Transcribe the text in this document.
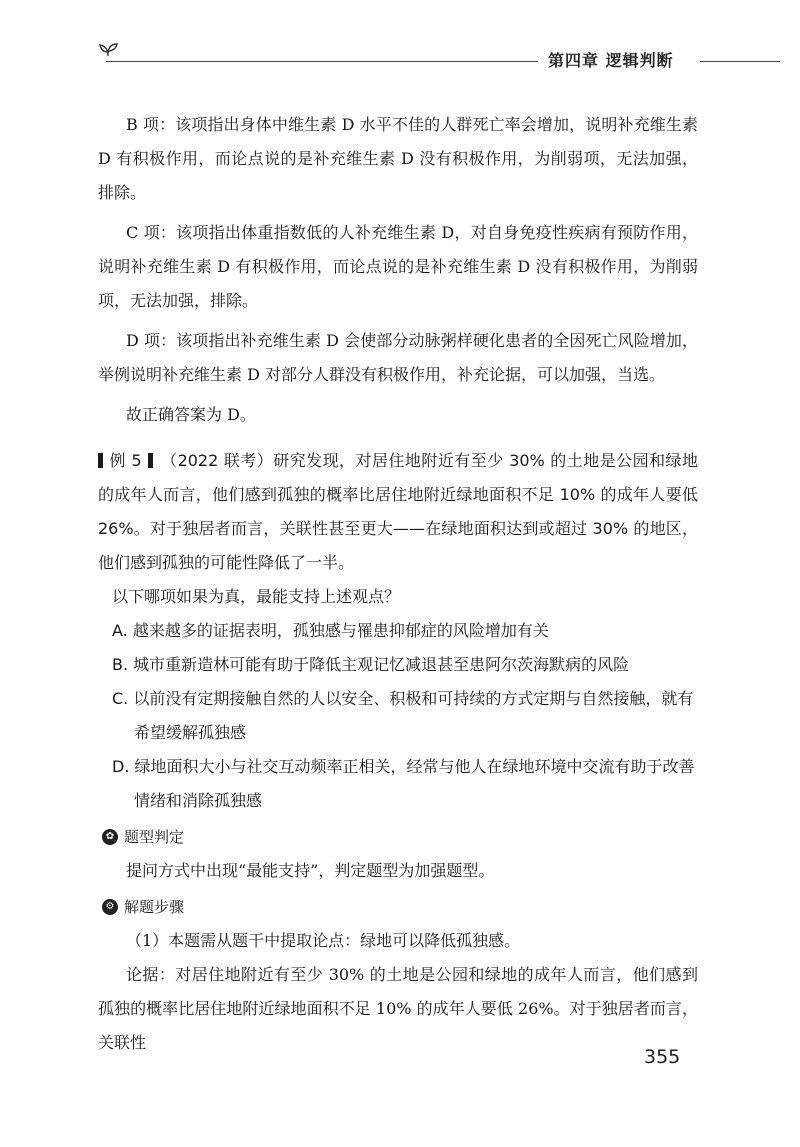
第四章 逻辑判断

B 项：该项指出身体中维生素 D 水平不佳的人群死亡率会增加，说明补充维生素 D 有积极作用，而论点说的是补充维生素 D 没有积极作用，为削弱项，无法加强，排除。

C 项：该项指出体重指数低的人补充维生素 D，对自身免疫性疾病有预防作用，说明补充维生素 D 有积极作用，而论点说的是补充维生素 D 没有积极作用，为削弱项，无法加强，排除。

D 项：该项指出补充维生素 D 会使部分动脉粥样硬化患者的全因死亡风险增加，举例说明补充维生素 D 对部分人群没有积极作用，补充论据，可以加强，当选。

故正确答案为 D。

例 5 （2022 联考）研究发现，对居住地附近有至少 30% 的土地是公园和绿地的成年人而言，他们感到孤独的概率比居住地附近绿地面积不足 10% 的成年人要低 26%。对于独居者而言，关联性甚至更大——在绿地面积达到或超过 30% 的地区，他们感到孤独的可能性降低了一半。

以下哪项如果为真，最能支持上述观点？

A. 越来越多的证据表明，孤独感与罹患抑郁症的风险增加有关

B. 城市重新造林可能有助于降低主观记忆减退甚至患阿尔茨海默病的风险

C. 以前没有定期接触自然的人以安全、积极和可持续的方式定期与自然接触，就有希望缓解孤独感

D. 绿地面积大小与社交互动频率正相关，经常与他人在绿地环境中交流有助于改善情绪和消除孤独感

✿ 题型判定

提问方式中出现“最能支持”，判定题型为加强题型。

⚙ 解题步骤

（1）本题需从题干中提取论点：绿地可以降低孤独感。

论据：对居住地附近有至少 30% 的土地是公园和绿地的成年人而言，他们感到孤独的概率比居住地附近绿地面积不足 10% 的成年人要低 26%。对于独居者而言，关联性

355
